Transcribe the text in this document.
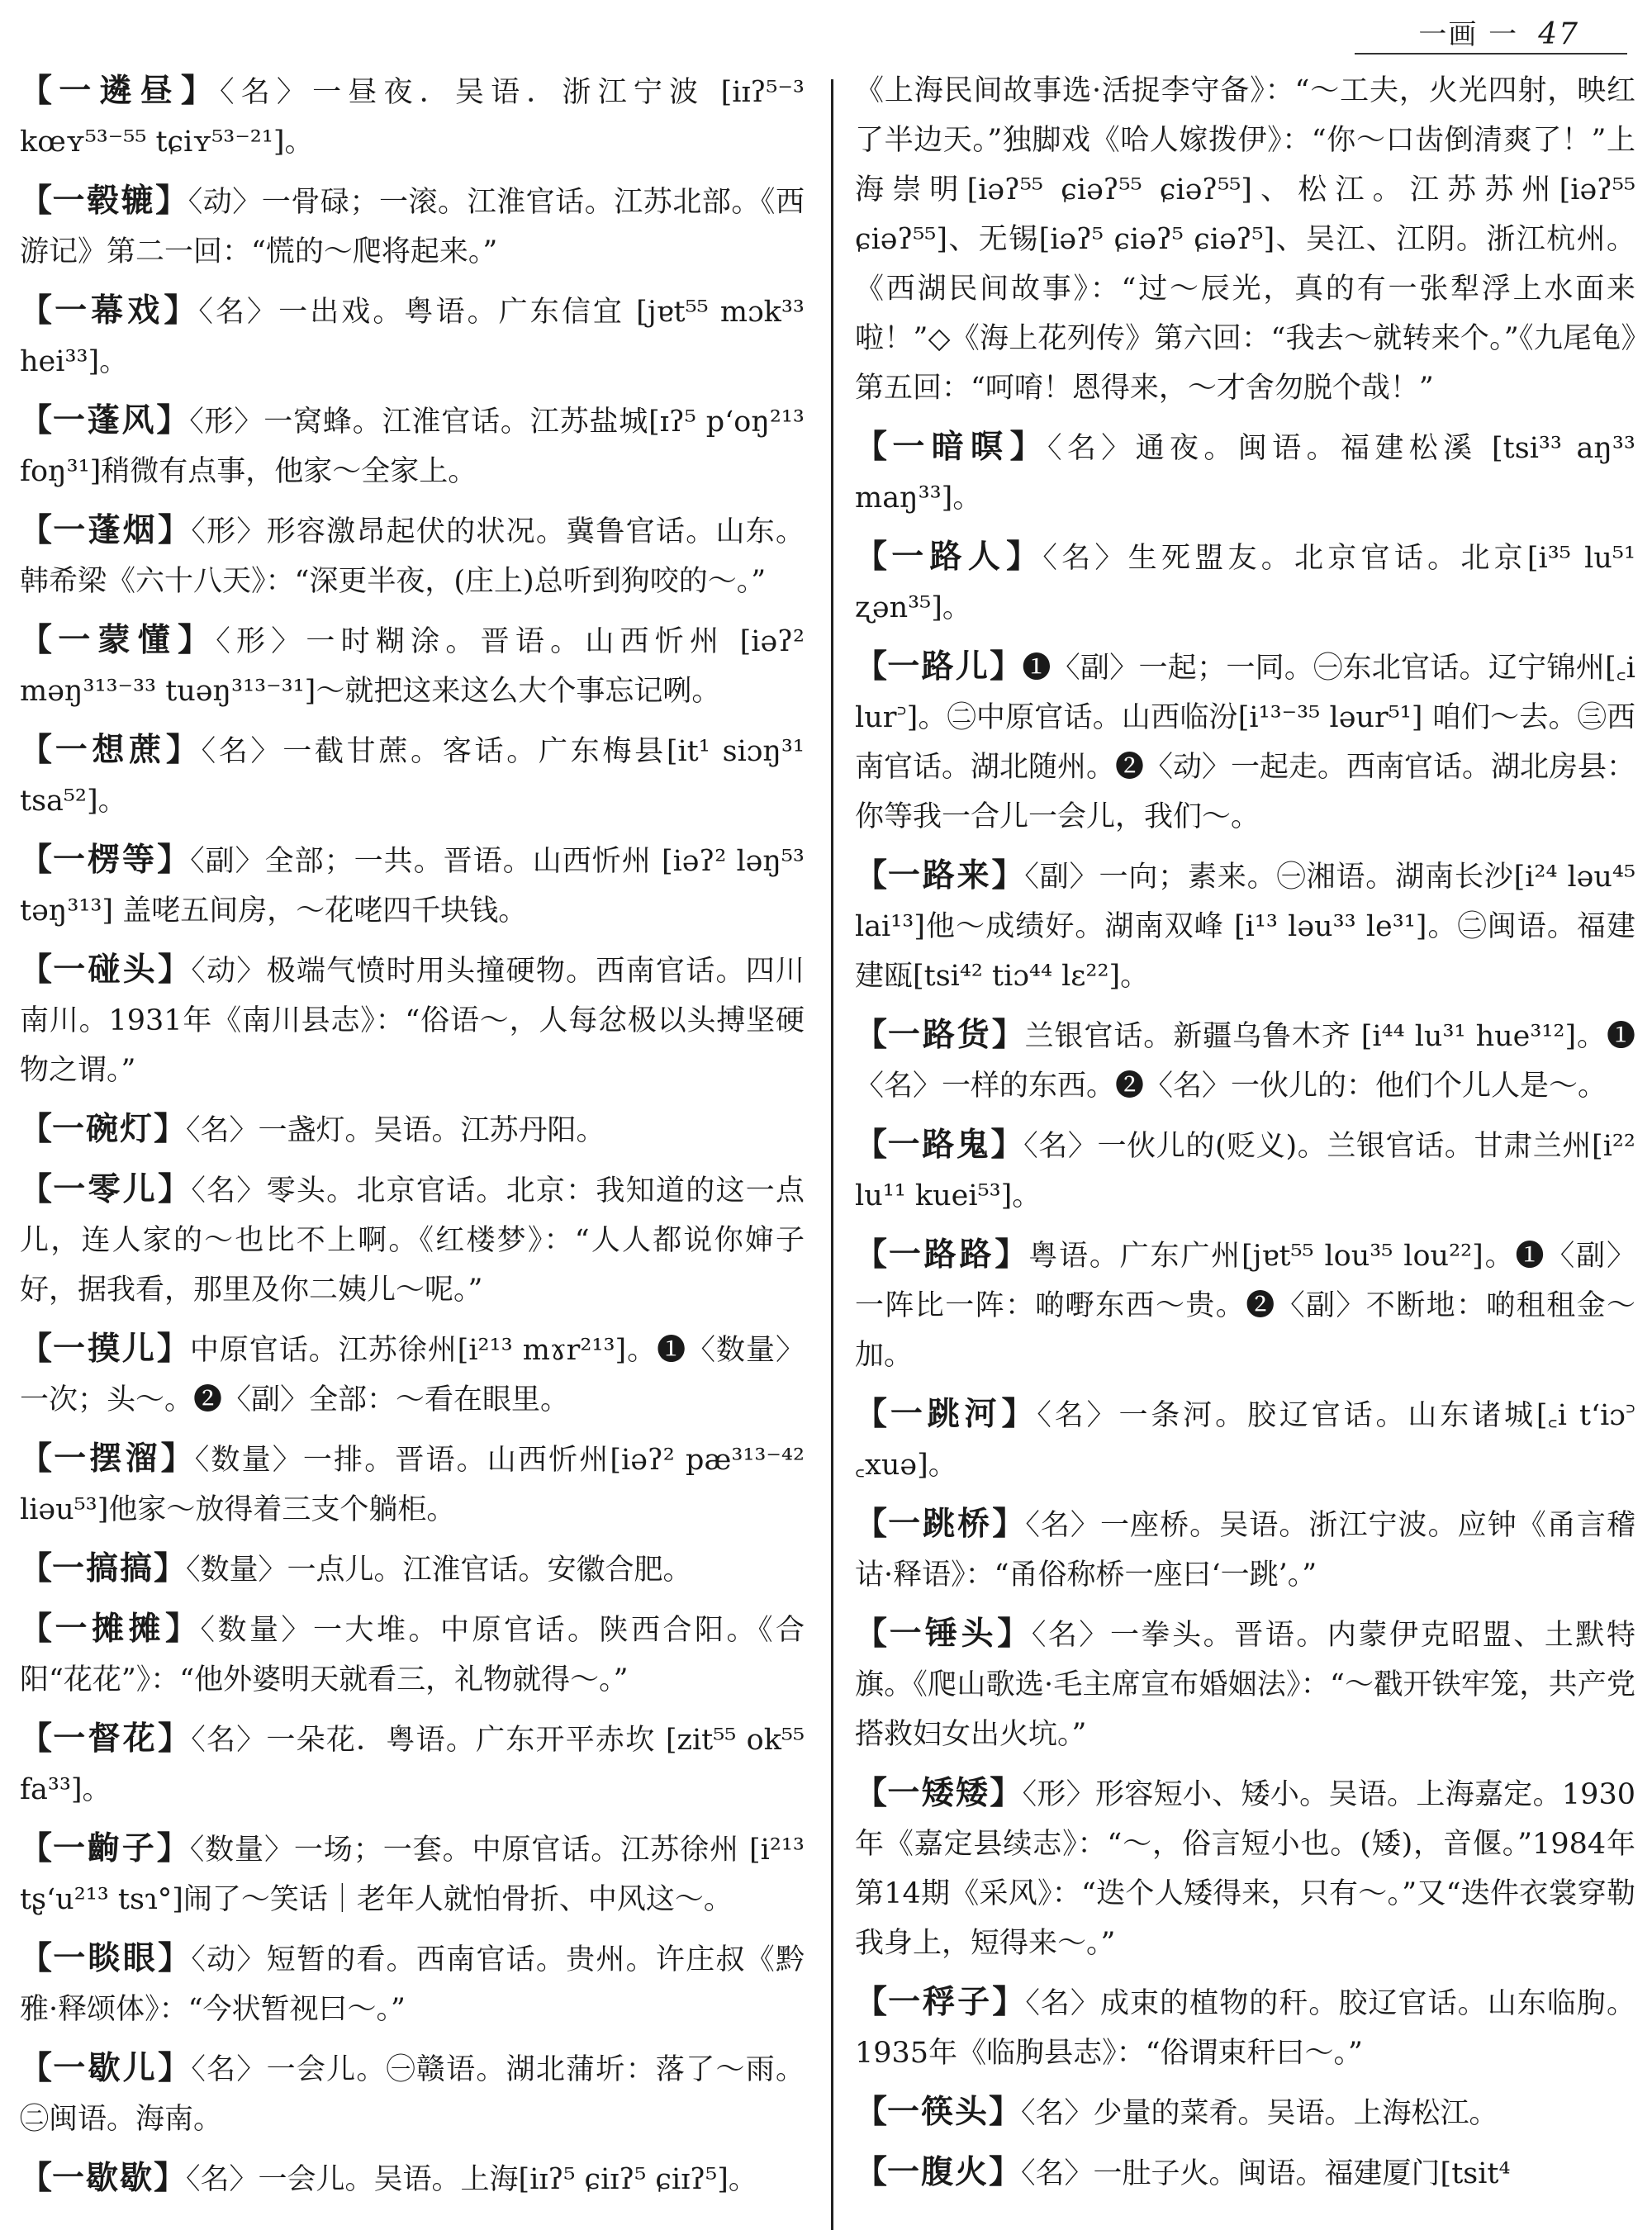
一画 一 47

【一遴昼】〈名〉一昼夜．吴语．浙江宁波 [iɪʔ⁵⁻³ kœʏ⁵³⁻⁵⁵ tɕiʏ⁵³⁻²¹]。

【一毂辘】〈动〉一骨碌；一滚。江淮官话。江苏北部。《西游记》第二一回：“慌的～爬将起来。”

【一幕戏】〈名〉一出戏。粤语。广东信宜 [jɐt⁵⁵ mɔk³³ hei³³]。

【一蓬风】〈形〉一窝蜂。江淮官话。江苏盐城[ɪʔ⁵ pʻoŋ²¹³ foŋ³¹]稍微有点事，他家～全家上。

【一蓬烟】〈形〉形容激昂起伏的状况。冀鲁官话。山东。韩希梁《六十八天》：“深更半夜，(庄上)总听到狗咬的～。”

【一蒙懂】〈形〉一时糊涂。晋语。山西忻州 [iəʔ² məŋ³¹³⁻³³ tuəŋ³¹³⁻³¹]～就把这来这么大个事忘记咧。

【一想蔗】〈名〉一截甘蔗。客话。广东梅县[it¹ siɔŋ³¹ tsa⁵²]。

【一楞等】〈副〉全部；一共。晋语。山西忻州 [iəʔ² ləŋ⁵³ təŋ³¹³] 盖咾五间房，～花咾四千块钱。

【一碰头】〈动〉极端气愤时用头撞硬物。西南官话。四川南川。1931年《南川县志》：“俗语～，人每忿极以头搏坚硬物之谓。”

【一碗灯】〈名〉一盏灯。吴语。江苏丹阳。

【一零儿】〈名〉零头。北京官话。北京：我知道的这一点儿，连人家的～也比不上啊。《红楼梦》：“人人都说你婶子好，据我看，那里及你二姨儿～呢。”

【一摸儿】中原官话。江苏徐州[i²¹³ mɤr²¹³]。❶〈数量〉一次；头～。❷〈副〉全部：～看在眼里。

【一摆溜】〈数量〉一排。晋语。山西忻州[iəʔ² pæ³¹³⁻⁴² liəu⁵³]他家～放得着三支个躺柜。

【一搞搞】〈数量〉一点儿。江淮官话。安徽合肥。

【一摊摊】〈数量〉一大堆。中原官话。陕西合阳。《合阳“花花”》：“他外婆明天就看三，礼物就得～。”

【一督花】〈名〉一朵花．粤语。广东开平赤坎 [zit⁵⁵ ok⁵⁵ fa³³]。

【一齣子】〈数量〉一场；一套。中原官话。江苏徐州 [i²¹³ tʂʻu²¹³ tsɿ°]闹了～笑话｜老年人就怕骨折、中风这～。

【一睒眼】〈动〉短暂的看。西南官话。贵州。许庄叔《黔雅·释颂体》：“今状暂视曰～。”

【一歇儿】〈名〉一会儿。㊀赣语。湖北蒲圻：落了～雨。㊁闽语。海南。

【一歇歇】〈名〉一会儿。吴语。上海[iɪʔ⁵ ɕiɪʔ⁵ ɕiɪʔ⁵]。

《上海民间故事选·活捉李守备》：“～工夫，火光四射，映红了半边天。”独脚戏《哈人嫁拨伊》：“你～口齿倒清爽了！”上海崇明[iəʔ⁵⁵ ɕiəʔ⁵⁵ ɕiəʔ⁵⁵]、松江。江苏苏州[iəʔ⁵⁵ ɕiəʔ⁵⁵]、无锡[iəʔ⁵ ɕiəʔ⁵ ɕiəʔ⁵]、吴江、江阴。浙江杭州。《西湖民间故事》：“过～辰光，真的有一张犁浮上水面来啦！”◇《海上花列传》第六回：“我去～就转来个。”《九尾龟》第五回：“呵唷！恩得来，～才舍勿脱个哉！”

【一暗暝】〈名〉通夜。闽语。福建松溪 [tsi³³ aŋ³³ maŋ³³]。

【一路人】〈名〉生死盟友。北京官话。北京[i³⁵ lu⁵¹ ʐən³⁵]。

【一路儿】❶〈副〉一起；一同。㊀东北官话。辽宁锦州[꜀i lur꜄]。㊁中原官话。山西临汾[i¹³⁻³⁵ ləur⁵¹] 咱们～去。㊂西南官话。湖北随州。❷〈动〉一起走。西南官话。湖北房县：你等我一合儿一会儿，我们～。

【一路来】〈副〉一向；素来。㊀湘语。湖南长沙[i²⁴ ləu⁴⁵ lai¹³]他～成绩好。湖南双峰 [i¹³ ləu³³ le³¹]。㊁闽语。福建建瓯[tsi⁴² tiɔ⁴⁴ lɛ²²]。

【一路货】兰银官话。新疆乌鲁木齐 [i⁴⁴ lu³¹ hue³¹²]。❶〈名〉一样的东西。❷〈名〉一伙儿的：他们个儿人是～。

【一路鬼】〈名〉一伙儿的(贬义)。兰银官话。甘肃兰州[i²² lu¹¹ kuei⁵³]。

【一路路】粤语。广东广州[jɐt⁵⁵ lou³⁵ lou²²]。❶〈副〉一阵比一阵：啲嘢东西～贵。❷〈副〉不断地：啲租租金～加。

【一跳河】〈名〉一条河。胶辽官话。山东诸城[꜀i tʻiɔ꜄ ꜀xuə]。

【一跳桥】〈名〉一座桥。吴语。浙江宁波。应钟《甬言稽诂·释语》：“甬俗称桥一座曰‘一跳’。”

【一锤头】〈名〉一拳头。晋语。内蒙伊克昭盟、土默特旗。《爬山歌选·毛主席宣布婚姻法》：“～戳开铁牢笼，共产党搭救妇女出火坑。”

【一矮矮】〈形〉形容短小、矮小。吴语。上海嘉定。1930年《嘉定县续志》：“～，俗言短小也。(矮)，音偃。”1984年第14期《采风》：“迭个人矮得来，只有～。”又“迭件衣裳穿勒我身上，短得来～。”

【一稃子】〈名〉成束的植物的秆。胶辽官话。山东临朐。1935年《临朐县志》：“俗谓束秆曰～。”

【一筷头】〈名〉少量的菜肴。吴语。上海松江。

【一腹火】〈名〉一肚子火。闽语。福建厦门[tsit⁴
